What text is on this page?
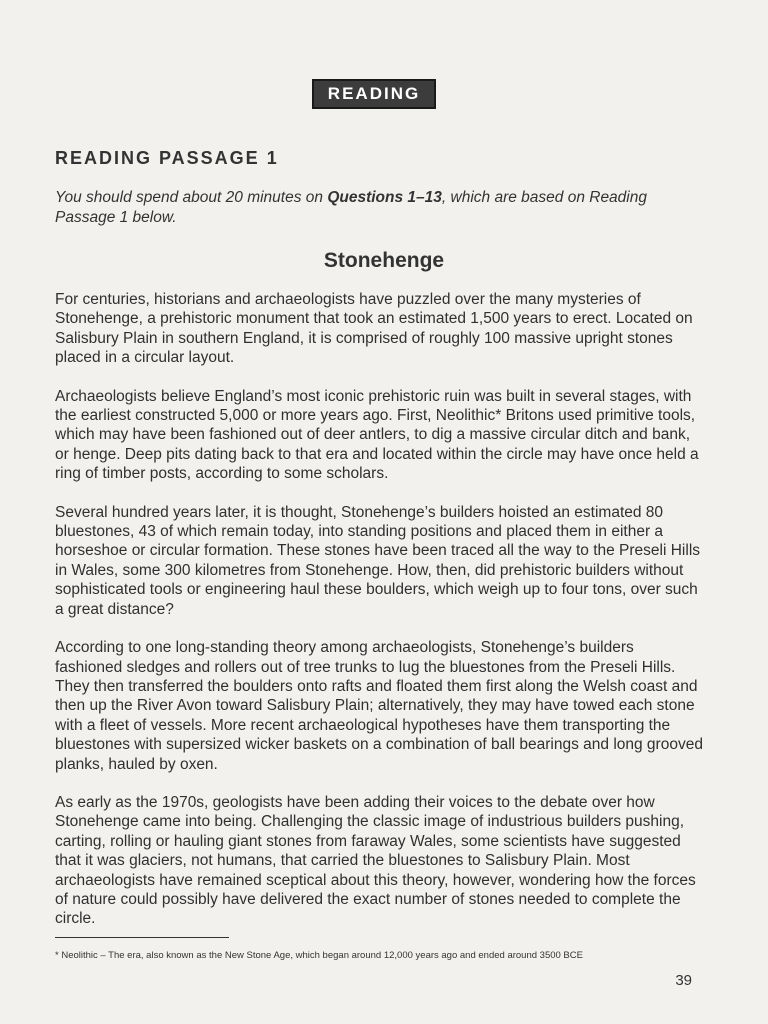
READING
READING PASSAGE 1
You should spend about 20 minutes on Questions 1–13, which are based on Reading Passage 1 below.
Stonehenge

For centuries, historians and archaeologists have puzzled over the many mysteries of Stonehenge, a prehistoric monument that took an estimated 1,500 years to erect. Located on Salisbury Plain in southern England, it is comprised of roughly 100 massive upright stones placed in a circular layout.

Archaeologists believe England’s most iconic prehistoric ruin was built in several stages, with the earliest constructed 5,000 or more years ago. First, Neolithic* Britons used primitive tools, which may have been fashioned out of deer antlers, to dig a massive circular ditch and bank, or henge. Deep pits dating back to that era and located within the circle may have once held a ring of timber posts, according to some scholars.

Several hundred years later, it is thought, Stonehenge’s builders hoisted an estimated 80 bluestones, 43 of which remain today, into standing positions and placed them in either a horseshoe or circular formation. These stones have been traced all the way to the Preseli Hills in Wales, some 300 kilometres from Stonehenge. How, then, did prehistoric builders without sophisticated tools or engineering haul these boulders, which weigh up to four tons, over such a great distance?

According to one long-standing theory among archaeologists, Stonehenge’s builders fashioned sledges and rollers out of tree trunks to lug the bluestones from the Preseli Hills. They then transferred the boulders onto rafts and floated them first along the Welsh coast and then up the River Avon toward Salisbury Plain; alternatively, they may have towed each stone with a fleet of vessels. More recent archaeological hypotheses have them transporting the bluestones with supersized wicker baskets on a combination of ball bearings and long grooved planks, hauled by oxen.

As early as the 1970s, geologists have been adding their voices to the debate over how Stonehenge came into being. Challenging the classic image of industrious builders pushing, carting, rolling or hauling giant stones from faraway Wales, some scientists have suggested that it was glaciers, not humans, that carried the bluestones to Salisbury Plain. Most archaeologists have remained sceptical about this theory, however, wondering how the forces of nature could possibly have delivered the exact number of stones needed to complete the circle.

* Neolithic – The era, also known as the New Stone Age, which began around 12,000 years ago and ended around 3500 BCE
39
